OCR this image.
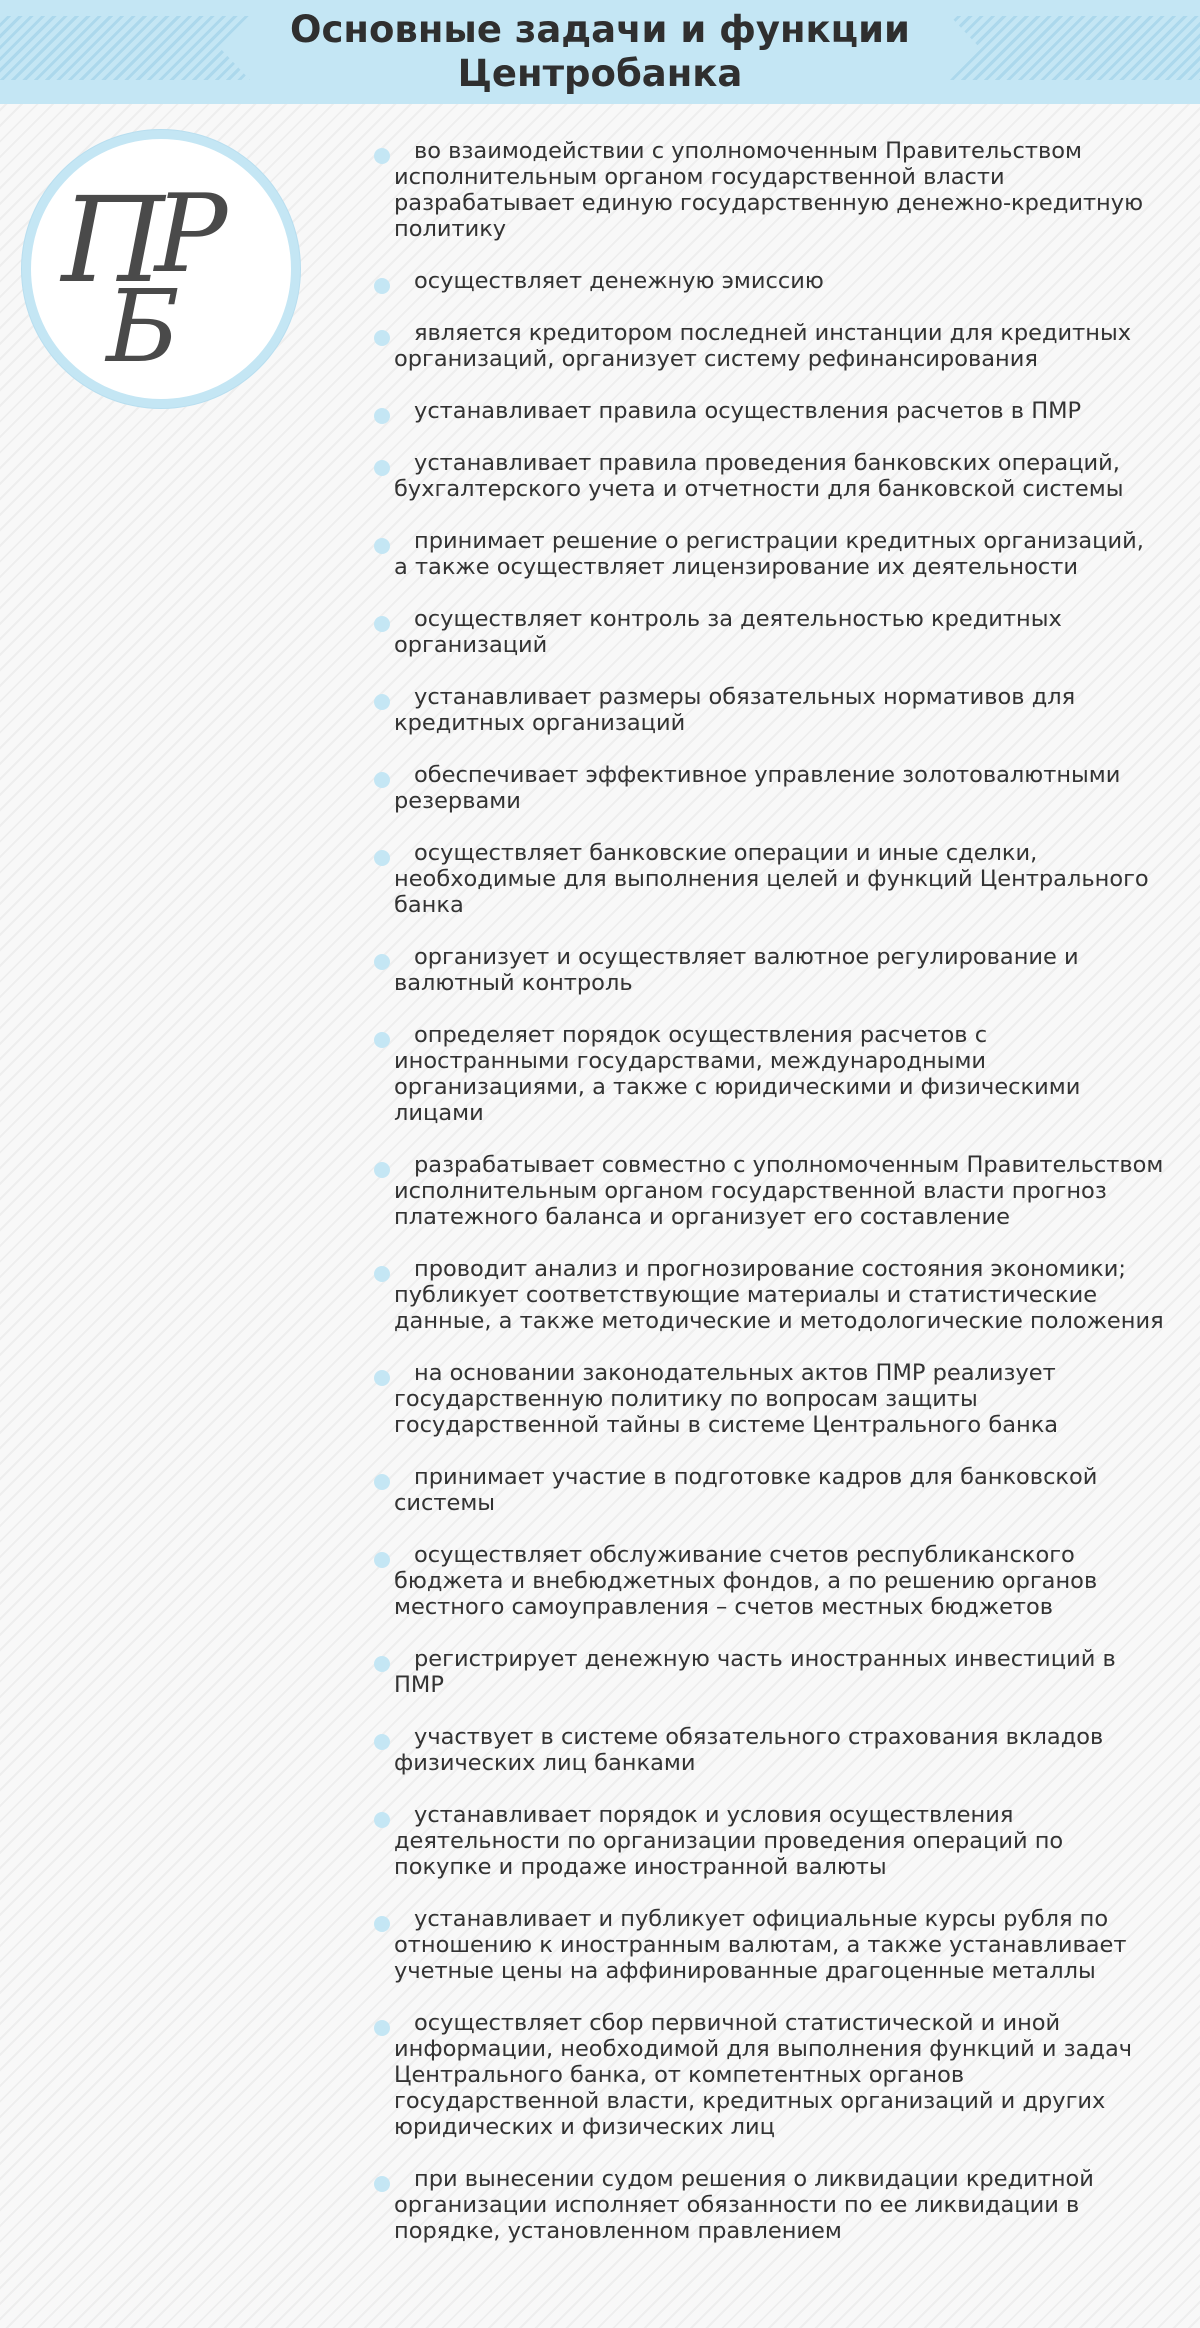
Основные задачи и функции Центробанка
П
Р
Б
во взаимодействии с уполномоченным Правительством исполнительным органом государственной власти разрабатывает единую государственную денежно-кредитную политику
осуществляет денежную эмиссию
является кредитором последней инстанции для кредитных организаций, организует систему рефинансирования
устанавливает правила осуществления расчетов в ПМР
устанавливает правила проведения банковских операций, бухгалтерского учета и отчетности для банковской системы
принимает решение о регистрации кредитных организаций, а также осуществляет лицензирование их деятельности
осуществляет контроль за деятельностью кредитных организаций
устанавливает размеры обязательных нормативов для кредитных организаций
обеспечивает эффективное управление золотовалютными резервами
осуществляет банковские операции и иные сделки, необходимые для выполнения целей и функций Центрального банка
организует и осуществляет валютное регулирование и валютный контроль
определяет порядок осуществления расчетов с иностранными государствами, международными организациями, а также с юридическими и физическими лицами
разрабатывает совместно с уполномоченным Правительством исполнительным органом государственной власти прогноз платежного баланса и организует его составление
проводит анализ и прогнозирование состояния экономики; публикует соответствующие материалы и статистические данные, а также методические и методологические положения
на основании законодательных актов ПМР реализует государственную политику по вопросам защиты государственной тайны в системе Центрального банка
принимает участие в подготовке кадров для банковской системы
осуществляет обслуживание счетов республиканского бюджета и внебюджетных фондов, а по решению органов местного самоуправления – счетов местных бюджетов
регистрирует денежную часть иностранных инвестиций в ПМР
участвует в системе обязательного страхования вкладов физических лиц банками
устанавливает порядок и условия осуществления деятельности по организации проведения операций по покупке и продаже иностранной валюты
устанавливает и публикует официальные курсы рубля по отношению к иностранным валютам, а также устанавливает учетные цены на аффинированные драгоценные металлы
осуществляет сбор первичной статистической и иной информации, необходимой для выполнения функций и задач Центрального банка, от компетентных органов государственной власти, кредитных организаций и других юридических и физических лиц
при вынесении судом решения о ликвидации кредитной организации исполняет обязанности по ее ликвидации в порядке, установленном правлением
